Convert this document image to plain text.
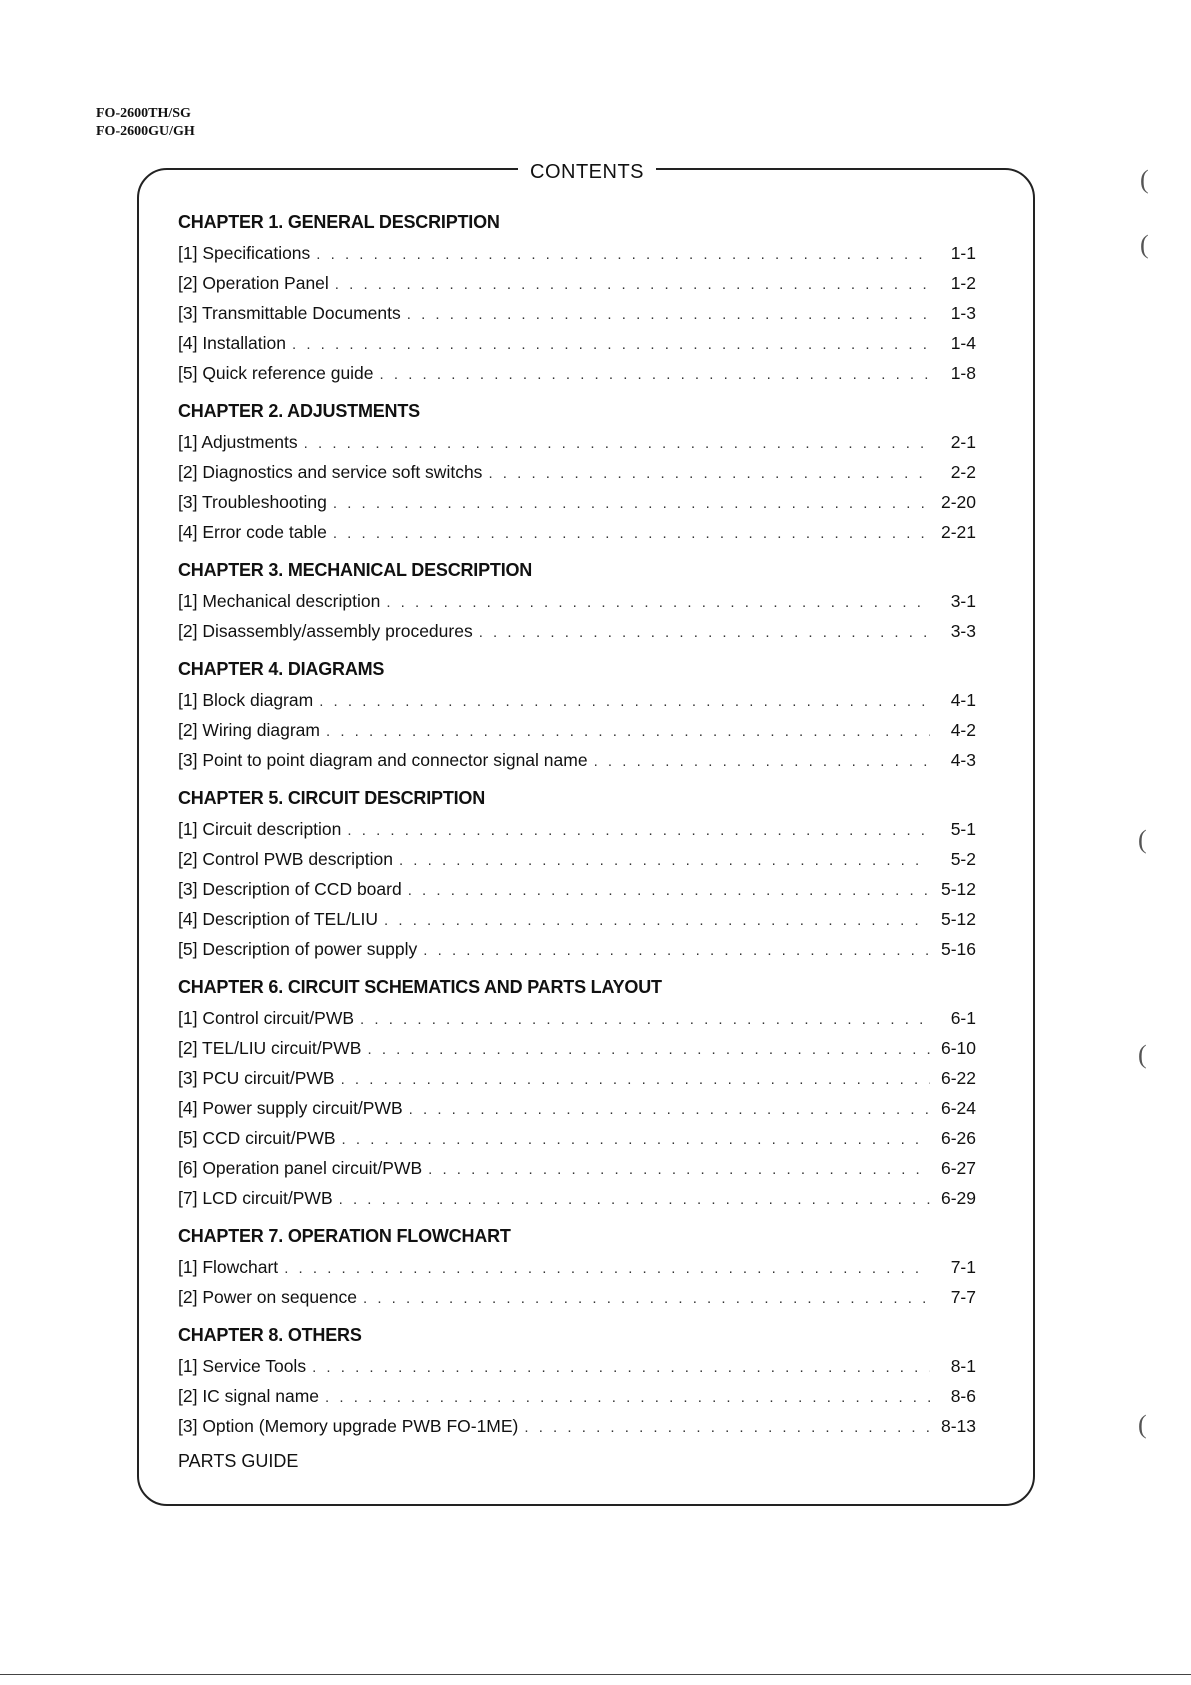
FO-2600TH/SG
FO-2600GU/GH
CONTENTS
CHAPTER 1. GENERAL DESCRIPTION
[1] Specifications . . .	1-1
[2] Operation Panel . . .	1-2
[3] Transmittable Documents . . .	1-3
[4] Installation . . .	1-4
[5] Quick reference guide . . .	1-8
CHAPTER 2. ADJUSTMENTS
[1] Adjustments . . .	2-1
[2] Diagnostics and service soft switchs . . .	2-2
[3] Troubleshooting . . .	2-20
[4] Error code table . . .	2-21
CHAPTER 3. MECHANICAL DESCRIPTION
[1] Mechanical description . . .	3-1
[2] Disassembly/assembly procedures . . .	3-3
CHAPTER 4. DIAGRAMS
[1] Block diagram . . .	4-1
[2] Wiring diagram . . .	4-2
[3] Point to point diagram and connector signal name . . .	4-3
CHAPTER 5. CIRCUIT DESCRIPTION
[1] Circuit description . . .	5-1
[2] Control PWB description . . .	5-2
[3] Description of CCD board . . .	5-12
[4] Description of TEL/LIU . . .	5-12
[5] Description of power supply . . .	5-16
CHAPTER 6. CIRCUIT SCHEMATICS AND PARTS LAYOUT
[1] Control circuit/PWB . . .	6-1
[2] TEL/LIU circuit/PWB . . .	6-10
[3] PCU circuit/PWB . . .	6-22
[4] Power supply circuit/PWB . . .	6-24
[5] CCD circuit/PWB . . .	6-26
[6] Operation panel circuit/PWB . . .	6-27
[7] LCD circuit/PWB . . .	6-29
CHAPTER 7. OPERATION FLOWCHART
[1] Flowchart . . .	7-1
[2] Power on sequence . . .	7-7
CHAPTER 8. OTHERS
[1] Service Tools . . .	8-1
[2] IC signal name . . .	8-6
[3] Option (Memory upgrade PWB FO-1ME) . . .	8-13
PARTS GUIDE
(
(
(
(
(
